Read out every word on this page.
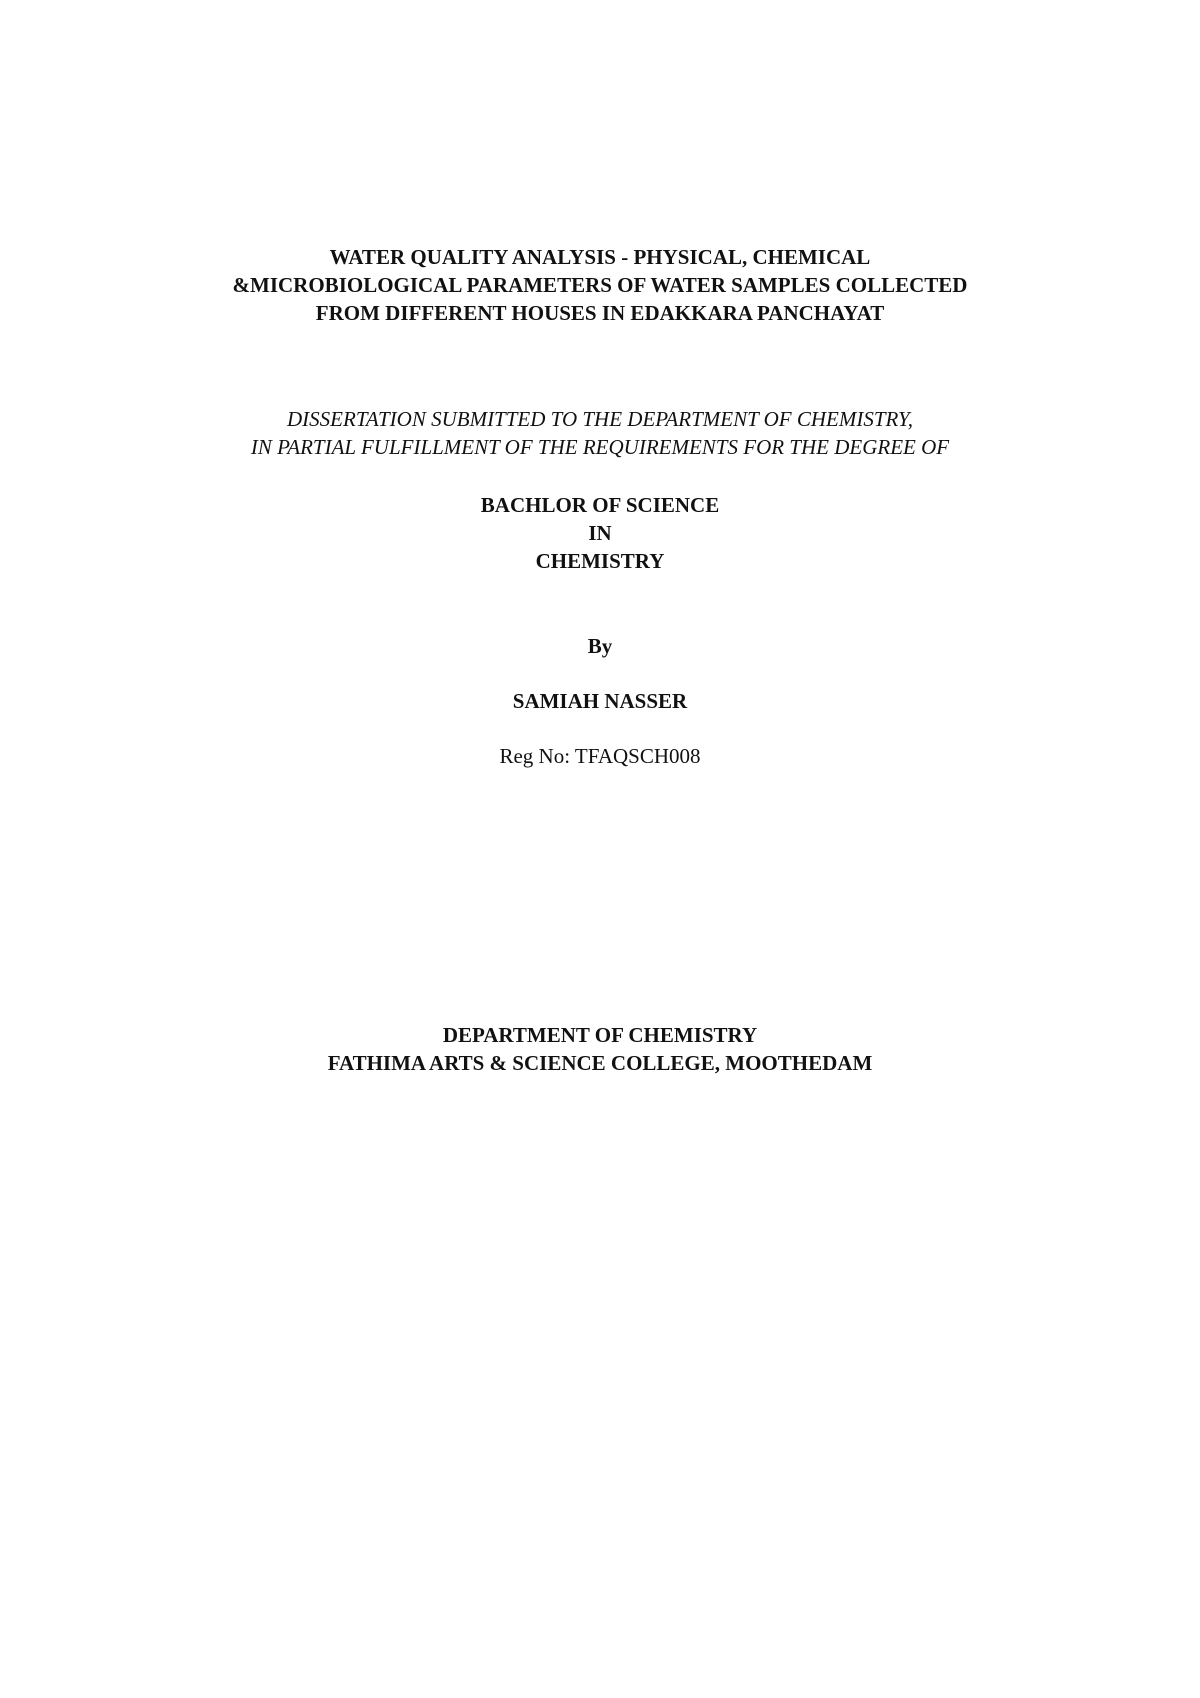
WATER QUALITY ANALYSIS - PHYSICAL, CHEMICAL
&MICROBIOLOGICAL PARAMETERS OF WATER SAMPLES COLLECTED
FROM DIFFERENT HOUSES IN EDAKKARA PANCHAYAT
DISSERTATION SUBMITTED TO THE DEPARTMENT OF CHEMISTRY,
IN PARTIAL FULFILLMENT OF THE REQUIREMENTS FOR THE DEGREE OF
BACHLOR OF SCIENCE
IN
CHEMISTRY
By
SAMIAH NASSER
Reg No: TFAQSCH008
DEPARTMENT OF CHEMISTRY
FATHIMA ARTS & SCIENCE COLLEGE, MOOTHEDAM
